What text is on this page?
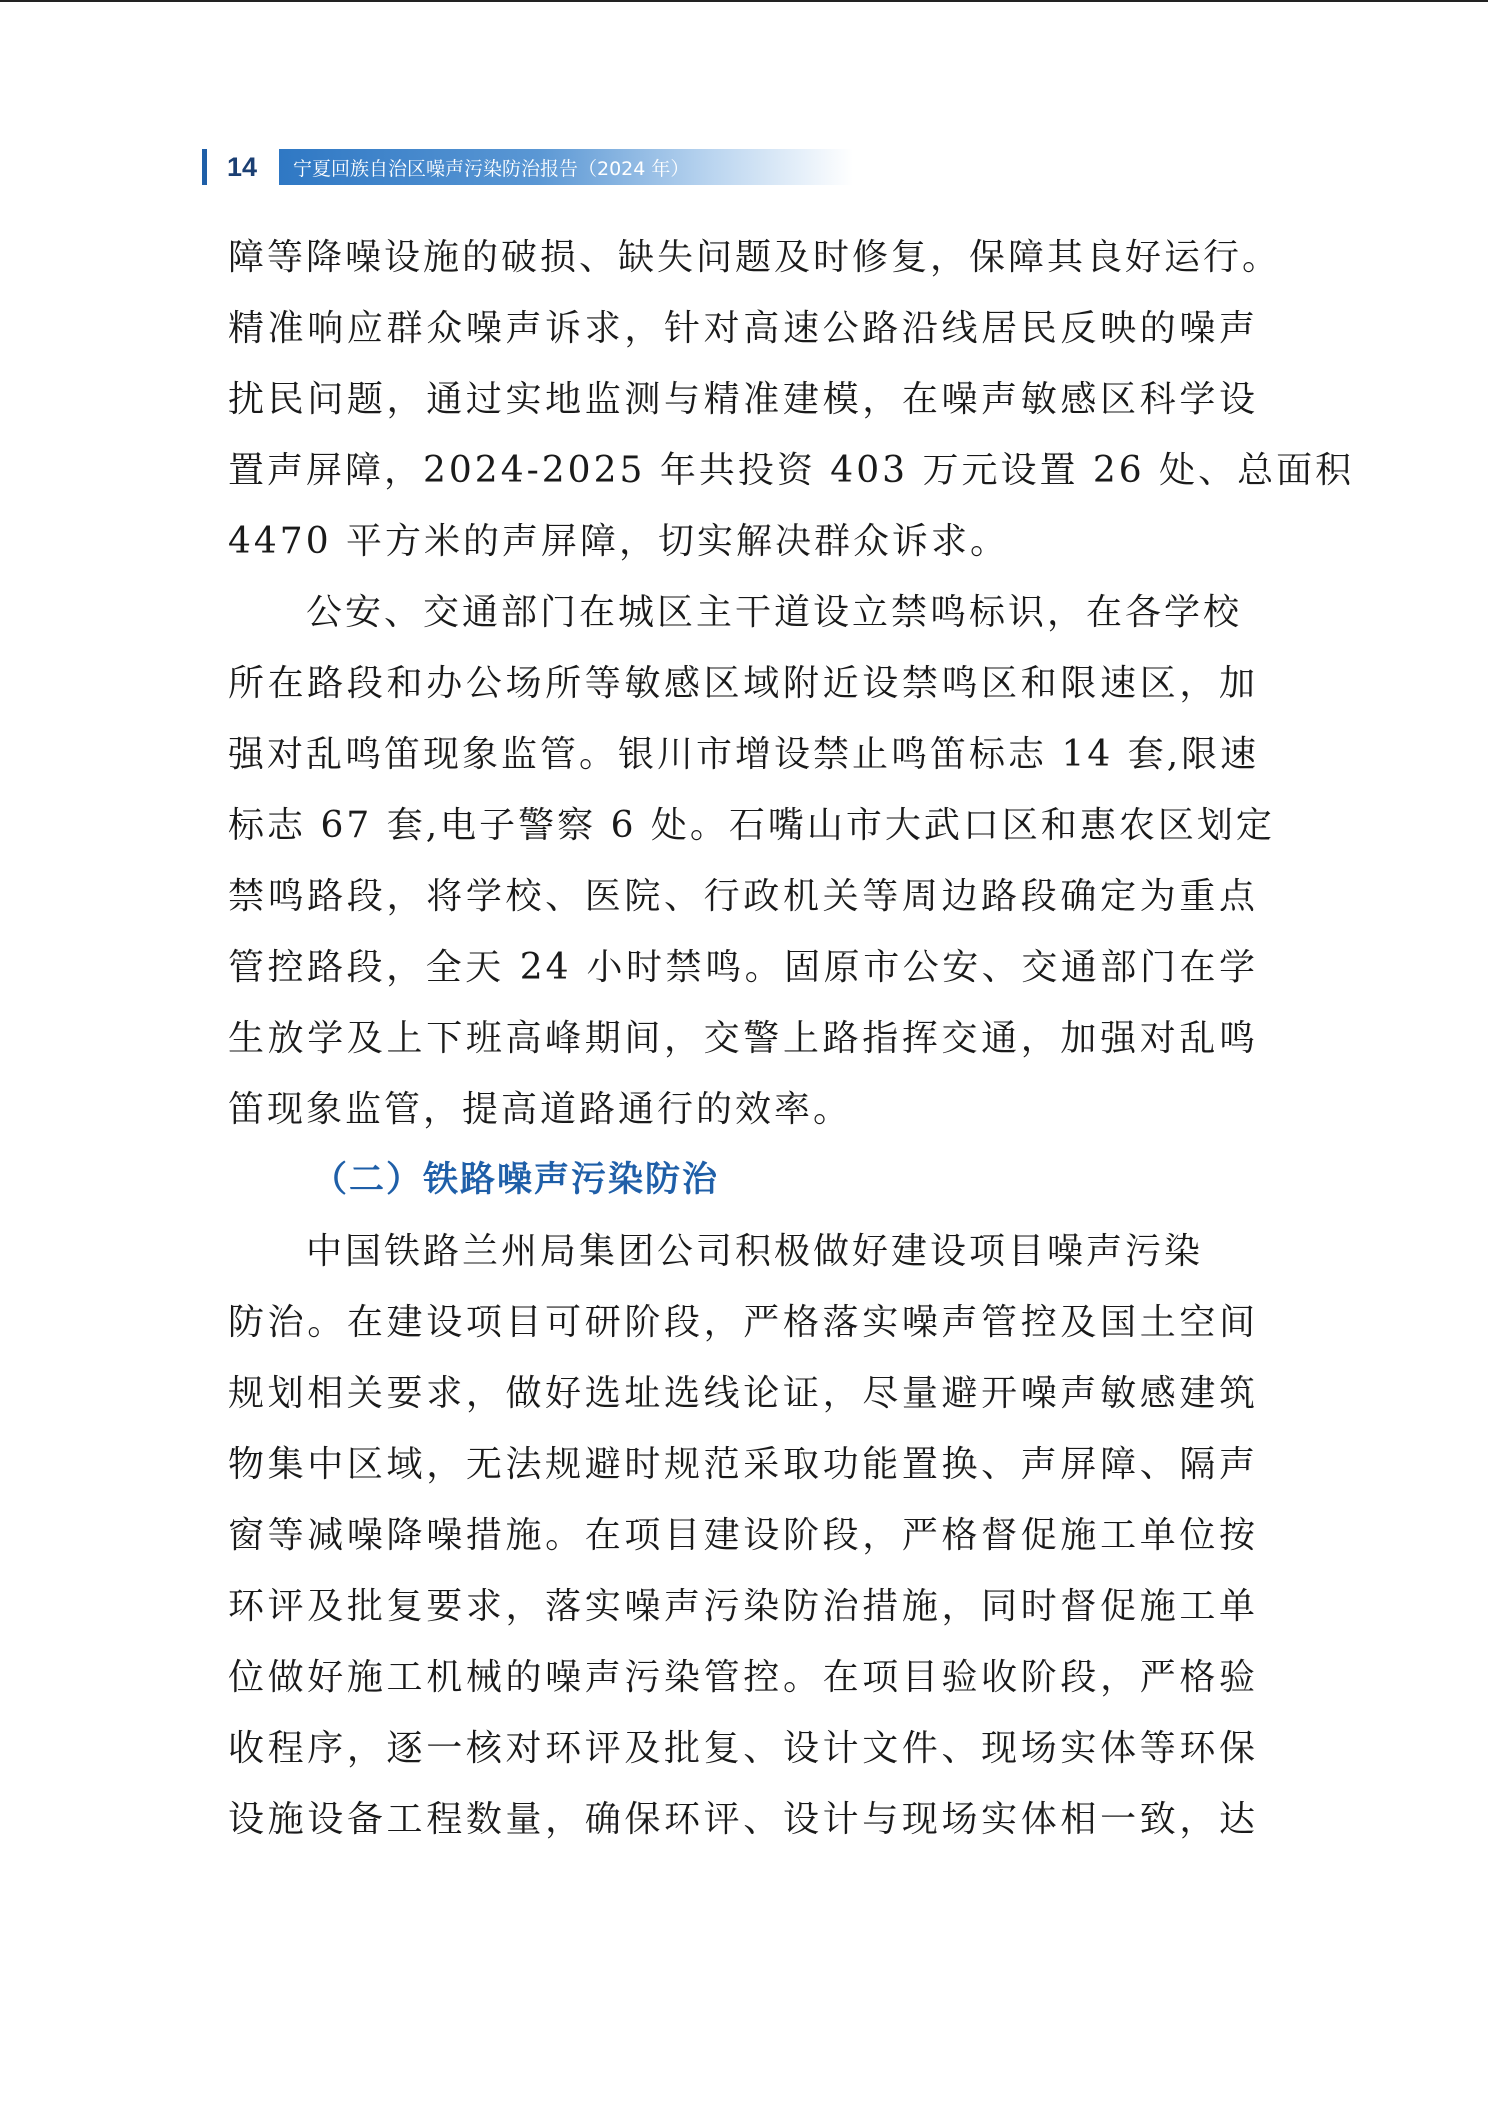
14	宁夏回族自治区噪声污染防治报告（2024 年）
障等降噪设施的破损、缺失问题及时修复，保障其良好运行。
精准响应群众噪声诉求，针对高速公路沿线居民反映的噪声
扰民问题，通过实地监测与精准建模，在噪声敏感区科学设
置声屏障，2024-2025 年共投资 403 万元设置 26 处、总面积
4470 平方米的声屏障，切实解决群众诉求。
公安、交通部门在城区主干道设立禁鸣标识，在各学校
所在路段和办公场所等敏感区域附近设禁鸣区和限速区，加
强对乱鸣笛现象监管。银川市增设禁止鸣笛标志 14 套,限速
标志 67 套,电子警察 6 处。石嘴山市大武口区和惠农区划定
禁鸣路段，将学校、医院、行政机关等周边路段确定为重点
管控路段，全天 24 小时禁鸣。固原市公安、交通部门在学
生放学及上下班高峰期间，交警上路指挥交通，加强对乱鸣
笛现象监管，提高道路通行的效率。
（二）铁路噪声污染防治
中国铁路兰州局集团公司积极做好建设项目噪声污染
防治。在建设项目可研阶段，严格落实噪声管控及国土空间
规划相关要求，做好选址选线论证，尽量避开噪声敏感建筑
物集中区域，无法规避时规范采取功能置换、声屏障、隔声
窗等减噪降噪措施。在项目建设阶段，严格督促施工单位按
环评及批复要求，落实噪声污染防治措施，同时督促施工单
位做好施工机械的噪声污染管控。在项目验收阶段，严格验
收程序，逐一核对环评及批复、设计文件、现场实体等环保
设施设备工程数量，确保环评、设计与现场实体相一致，达
